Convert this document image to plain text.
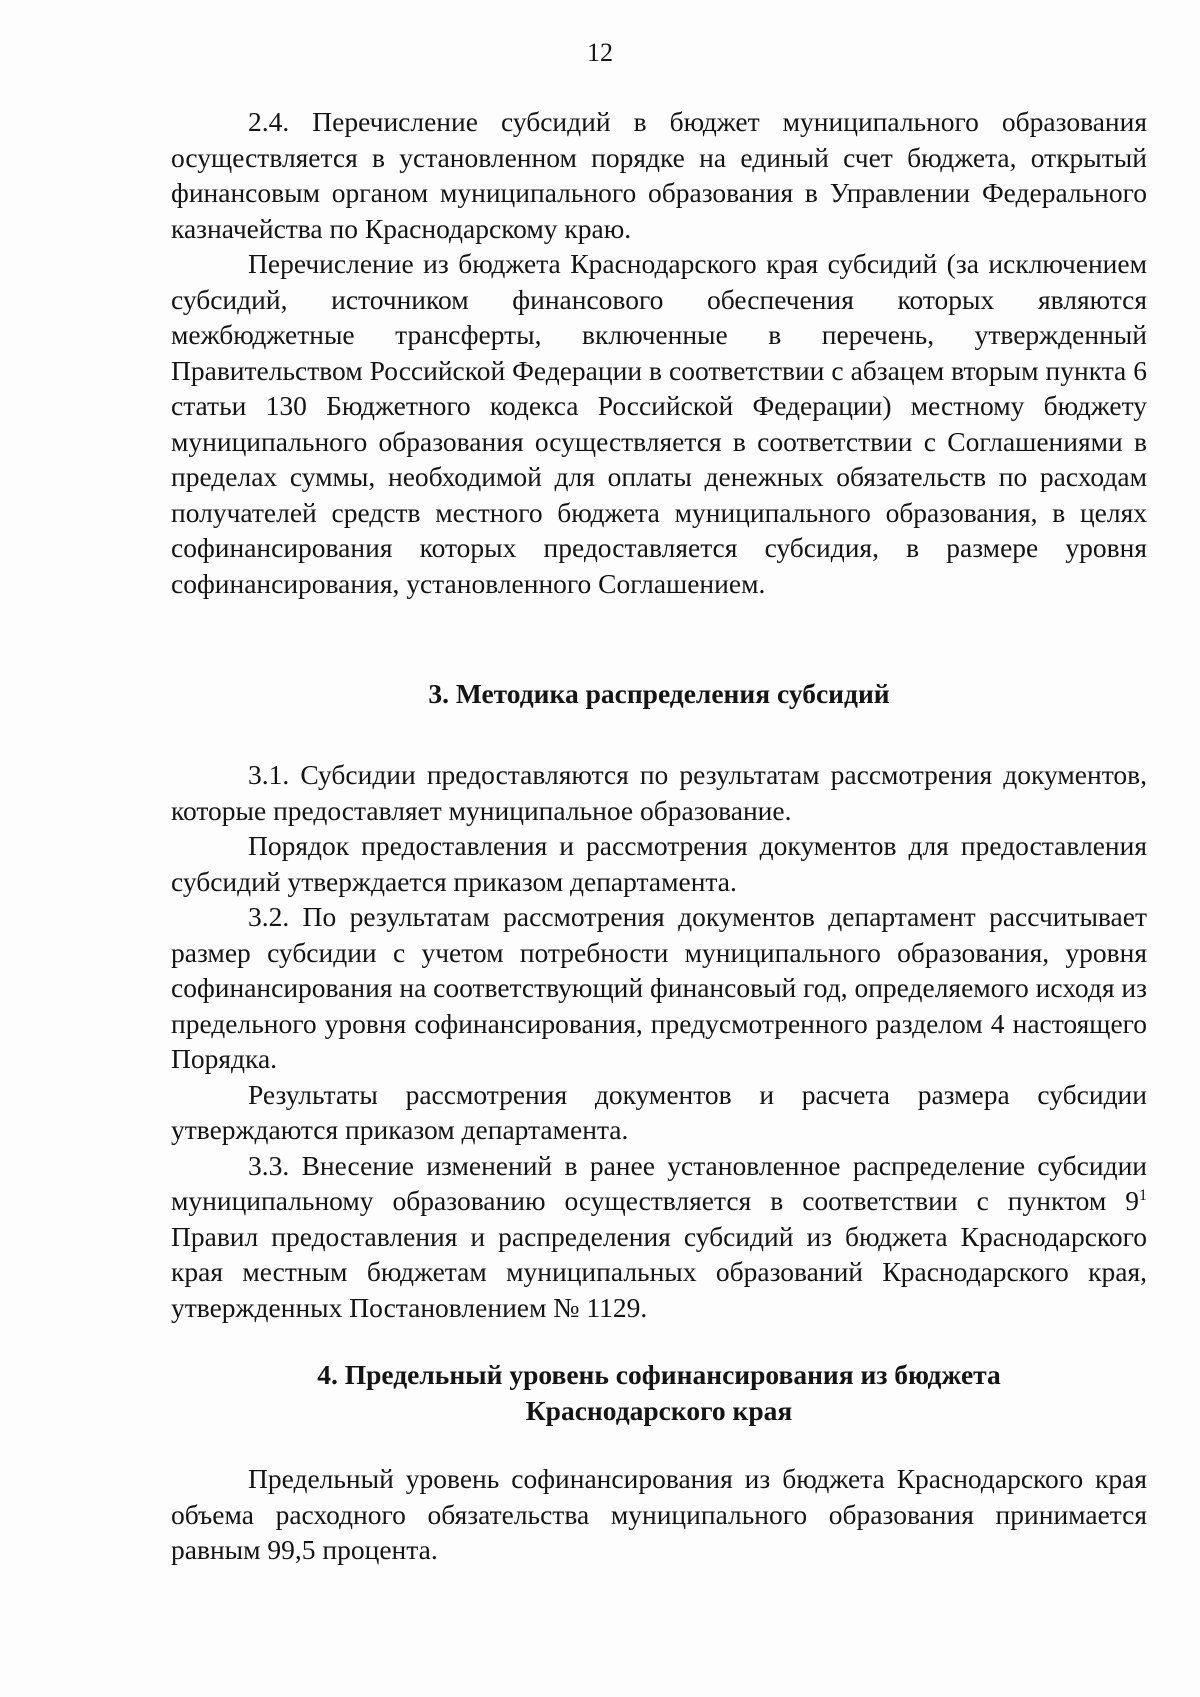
12

2.4. Перечисление субсидий в бюджет муниципального образования осуществляется в установленном порядке на единый счет бюджета, открытый финансовым органом муниципального образования в Управлении Федерального казначейства по Краснодарскому краю.

Перечисление из бюджета Краснодарского края субсидий (за исключением субсидий, источником финансового обеспечения которых являются межбюджетные трансферты, включенные в перечень, утвержденный Правительством Российской Федерации в соответствии с абзацем вторым пункта 6 статьи 130 Бюджетного кодекса Российской Федерации) местному бюджету муниципального образования осуществляется в соответствии с Соглашениями в пределах суммы, необходимой для оплаты денежных обязательств по расходам получателей средств местного бюджета муниципального образования, в целях софинансирования которых предоставляется субсидия, в размере уровня софинансирования, установленного Соглашением.

3. Методика распределения субсидий

3.1. Субсидии предоставляются по результатам рассмотрения документов, которые предоставляет муниципальное образование.

Порядок предоставления и рассмотрения документов для предоставления субсидий утверждается приказом департамента.

3.2. По результатам рассмотрения документов департамент рассчитывает размер субсидии с учетом потребности муниципального образования, уровня софинансирования на соответствующий финансовый год, определяемого исходя из предельного уровня софинансирования, предусмотренного разделом 4 настоящего Порядка.

Результаты рассмотрения документов и расчета размера субсидии утверждаются приказом департамента.

3.3. Внесение изменений в ранее установленное распределение субсидии муниципальному образованию осуществляется в соответствии с пунктом $9^1$ Правил предоставления и распределения субсидий из бюджета Краснодарского края местным бюджетам муниципальных образований Краснодарского края, утвержденных Постановлением № 1129.

4. Предельный уровень софинансирования из бюджета

Краснодарского края

Предельный уровень софинансирования из бюджета Краснодарского края объема расходного обязательства муниципального образования принимается равным 99,5 процента.
